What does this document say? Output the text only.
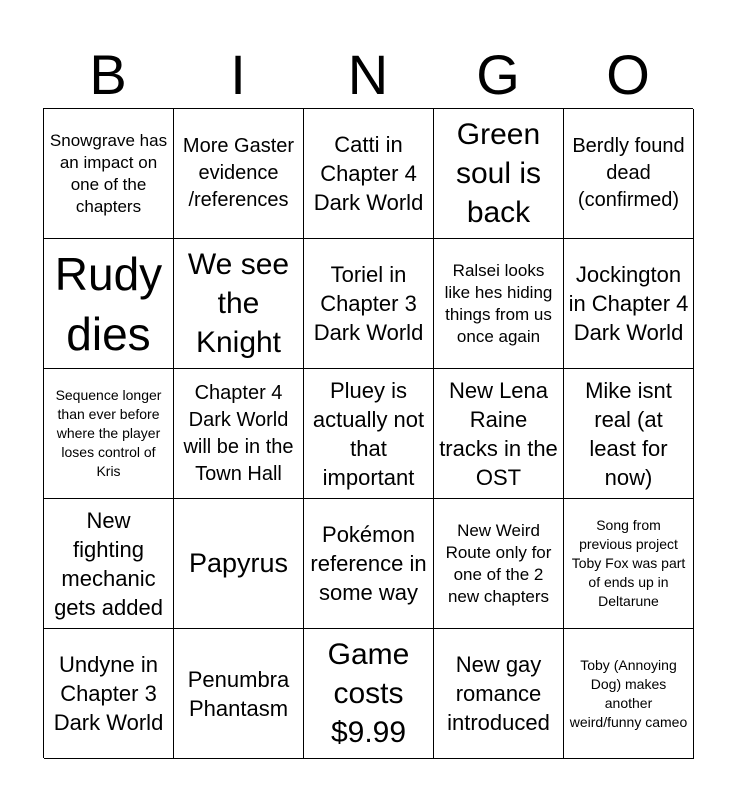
B	I	N	G	O
Snowgrave has an impact on one of the chapters
More Gaster evidence /references
Catti in Chapter 4 Dark World
Green soul is back
Berdly found dead (confirmed)
Rudy dies
We see the Knight
Toriel in Chapter 3 Dark World
Ralsei looks like hes hiding things from us once again
Jockington in Chapter 4 Dark World
Sequence longer than ever before where the player loses control of Kris
Chapter 4 Dark World will be in the Town Hall
Pluey is actually not that important
New Lena Raine tracks in the OST
Mike isnt real (at least for now)
New fighting mechanic gets added
Papyrus
Pokémon reference in some way
New Weird Route only for one of the 2 new chapters
Song from previous project Toby Fox was part of ends up in Deltarune
Undyne in Chapter 3 Dark World
Penumbra Phantasm
Game costs $9.99
New gay romance introduced
Toby (Annoying Dog) makes another weird/funny cameo
